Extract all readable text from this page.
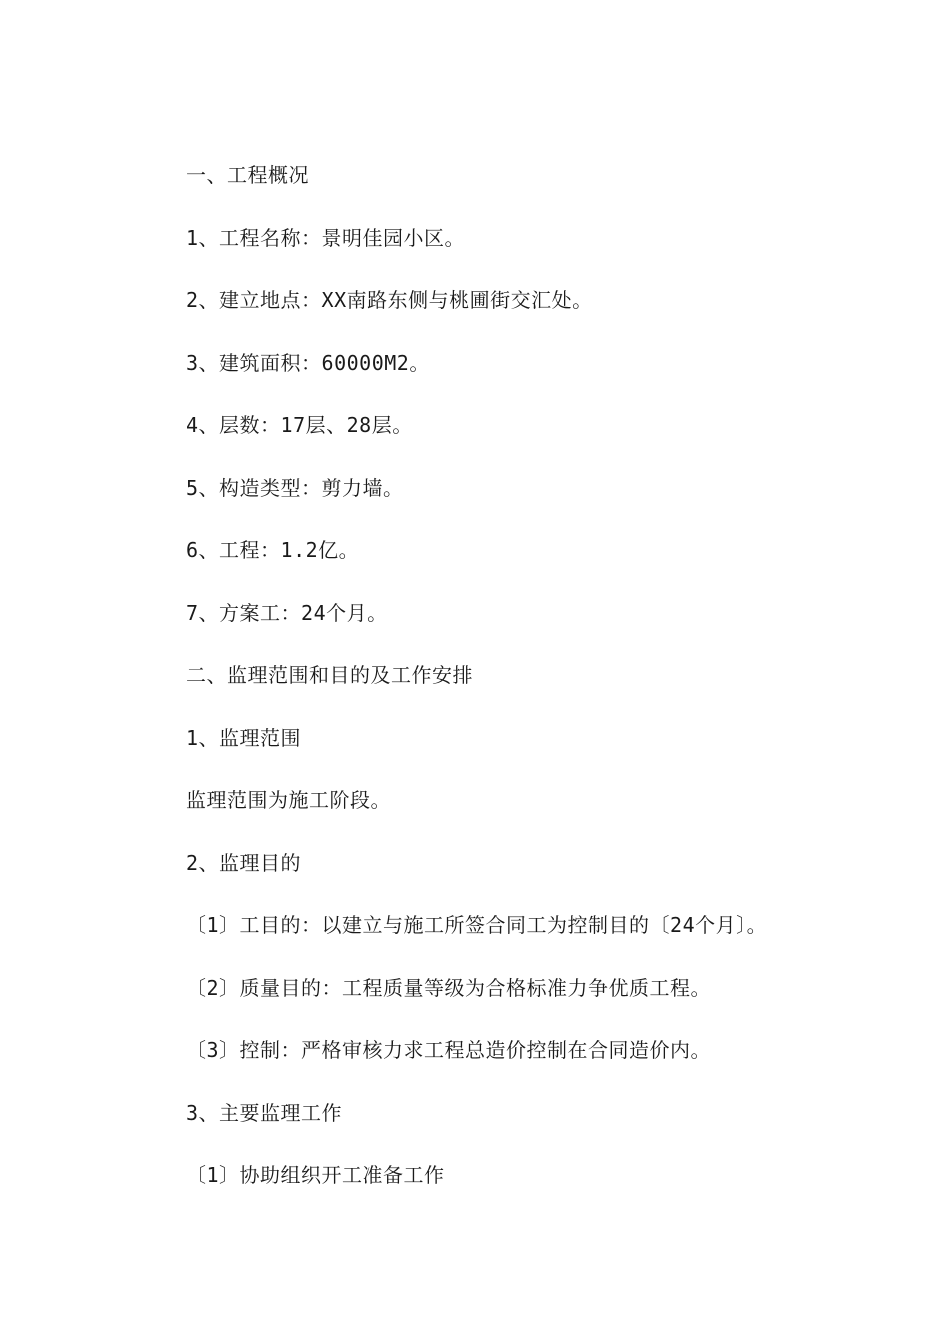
一、工程概况
1、工程名称：景明佳园小区。
2、建立地点：XX南路东侧与桃圃街交汇处。
3、建筑面积：60000M2。
4、层数：17层、28层。
5、构造类型：剪力墙。
6、工程：1.2亿。
7、方案工：24个月。
二、监理范围和目的及工作安排
1、监理范围
监理范围为施工阶段。
2、监理目的
〔1〕工目的：以建立与施工所签合同工为控制目的〔24个月〕。
〔2〕质量目的：工程质量等级为合格标准力争优质工程。
〔3〕控制：严格审核力求工程总造价控制在合同造价内。
3、主要监理工作
〔1〕协助组织开工准备工作
